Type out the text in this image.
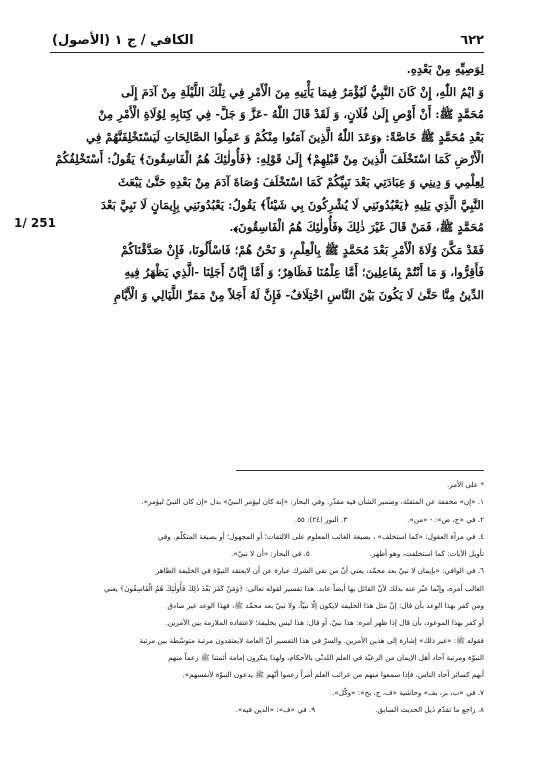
٦٢٢
الكافي / ج ١ (الأصول)

لِوَصِيِّهِ مِنْ بَعْدِهِ.

وَ ايْمُ اللّٰهِ، إِنْ كَانَ النَّبِيُّ لَيُؤْمَرُ فِيمَا يَأْتِيهِ مِنَ الْأَمْرِ فِي تِلْكَ اللَّيْلَةِ مِنْ آدَمَ إِلَى

مُحَمَّدٍ ﷺ: أَنْ أَوْصِ إِلَىٰ فُلَانٍ، وَ لَقَدْ قَالَ اللّٰهُ -عَزَّ وَ جَلَّ- فِي كِتَابِهِ لِوُلَاةِ الْأَمْرِ مِنْ

بَعْدِ مُحَمَّدٍ ﷺ خَاصَّةً: ﴿وَعَدَ اللّٰهُ الَّذِينَ آمَنُوا مِنْكُمْ وَ عَمِلُوا الصَّالِحَاتِ لَيَسْتَخْلِفَنَّهُمْ فِي

الْأَرْضِ كَمَا اسْتَخْلَفَ الَّذِينَ مِنْ قَبْلِهِمْ﴾ إِلَىٰ قَوْلِهِ: ﴿فَأُولٰئِكَ هُمُ الْفَاسِقُونَ﴾ يَقُولُ: أَسْتَخْلِفُكُمْ

لِعِلْمِي وَ دِينِي وَ عِبَادَتِي بَعْدَ نَبِيِّكُمْ كَمَا اسْتَخْلَفَ وُصَاةَ آدَمَ مِنْ بَعْدِهِ حَتَّىٰ يَبْعَثَ

النَّبِيَّ الَّذِي يَلِيهِ ﴿يَعْبُدُونَنِي لَا يُشْرِكُونَ بِي شَيْئاً﴾ يَقُولُ: يَعْبُدُونَنِي بِإِيمَانٍ لَا نَبِيَّ بَعْدَ

مُحَمَّدٍ ﷺ، فَمَنْ قَالَ غَيْرَ ذٰلِكَ ﴿فَأُولٰئِكَ هُمُ الْفَاسِقُونَ﴾.

فَقَدْ مَكَّنَ وُلَاةَ الْأَمْرِ بَعْدَ مُحَمَّدٍ ﷺ بِالْعِلْمِ، وَ نَحْنُ هُمْ؛ فَاسْأَلُونَا، فَإِنْ صَدَّقْنَاكُمْ

فَأَقِرُّوا، وَ مَا أَنْتُمْ بِفَاعِلِينَ؛ أَمَّا عِلْمُنَا فَظَاهِرٌ؛ وَ أَمَّا إِبَّانُ أَجَلِنَا -الَّذِي يَظْهَرُ فِيهِ

الدِّينُ مِنَّا حَتَّىٰ لَا يَكُونَ بَيْنَ النَّاسِ اخْتِلَافٌ- فَإِنَّ لَهُ أَجَلاً مِنْ مَمَرِّ اللَّيَالِي وَ الْأَيَّامِ

1/ 251

* على الأمر.

١. «إن» مخففة عن المثقلة، وضمير الشأن فيه مقدّر. وفي البحار: «إنه كان ليؤمر النبيّ» بدل «إن كان النبيّ ليؤمر».

٢. في «ج، ض»: - «من».
٣. النور (٢٤): ٥٥.

٤. في مرآة العقول: «كما استخلف» ، بصيغة الغائب المعلوم على الالتفات؛ أو المجهول؛ أو بصيغة المتكلّم. وفي

تأويل الآيات: كما استخلفت، وهو أظهر.
٥. في البحار: «أن لا نبيّ».

٦. في الوافي: «بإيمان لا نبيّ بعد محمّد، يعني أنّ من نفي الشرك عبارة عن أن لايعتقد النبوّة في الخليفة الظاهر

الغالب أمره، وإنّما عبّر عنه بذلك لأنّ القائل بها أيضاً عابد. هذا تفسير لقوله تعالى: ﴿وَمَنْ كَفَرَ بَعْدَ ذٰلِكَ فَأُولٰئِكَ هُمُ الْفَاسِقُونَ﴾ يعني

ومن كفر بهذا الوعد بأن قال: إنّ مثل هذا الخليفة لايكون إلّا نبيّاً، ولا نبيّ بعد محمّد ﷺ، فهذا الوعد غير صادق

أو كفر بهذا الموعود، بأن قال إذا ظهر أمره: هذا نبيّ، أو قال: هذا ليس بخليفة؛ لاعتقاده الملازمة بين الأمرين.

فقوله ﷺ: «غير ذلك» إشارة إلى هذين الأمرين. والسرّ في هذا التفسير أنّ العامة لايعتقدون مرتبة متوسّطة بين مرتبة

النبوّة ومرتبة آحاد أهل الإيمان من الرعيّة في العلم اللدنّي بالأحكام، ولهذا ينكرون إمامة أئمتنا ﷺ زعماً منهم

أنهم كسائر آحاد الناس، فإذا سمعوا منهم من غرائب العلم أمراً زعموا أنّهم ﷺ يدعون النبوّة لأنفسهم».

٧. في «ب، بر، بف» وحاشية «ف، ج، بح»: «وكّل».

٨. راجع ما تقدّم ذيل الحديث السابق.
٩. في «ف»: «الدين فيه».
